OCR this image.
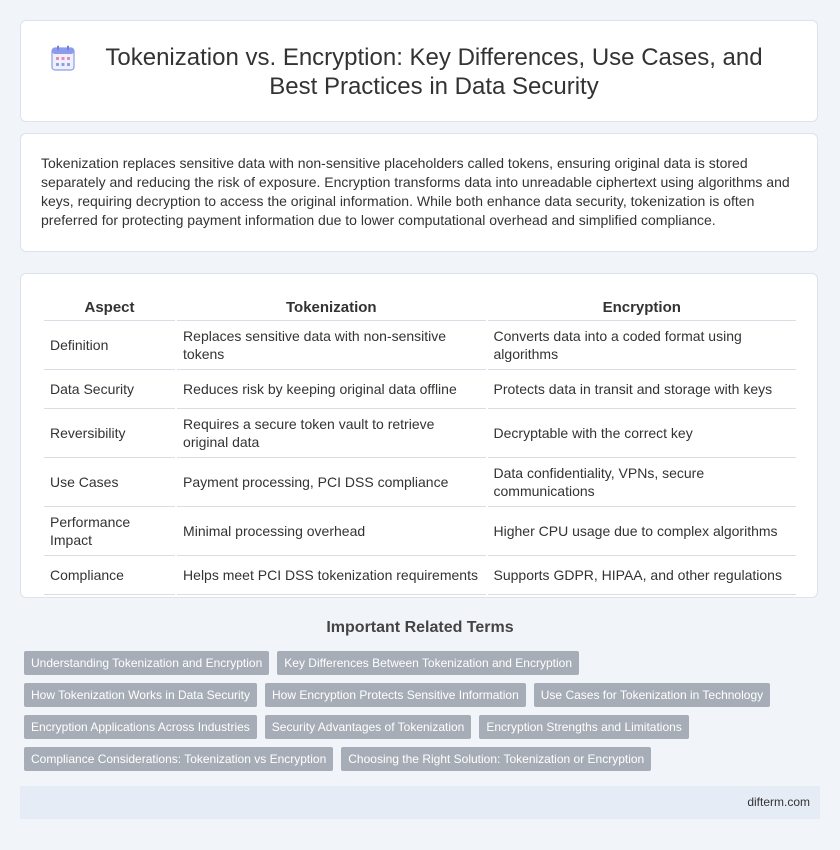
Tokenization vs. Encryption: Key Differences, Use Cases, and Best Practices in Data Security

Tokenization replaces sensitive data with non-sensitive placeholders called tokens, ensuring original data is stored separately and reducing the risk of exposure. Encryption transforms data into unreadable ciphertext using algorithms and keys, requiring decryption to access the original information. While both enhance data security, tokenization is often preferred for protecting payment information due to lower computational overhead and simplified compliance.

Aspect	Tokenization	Encryption
Definition	Replaces sensitive data with non-sensitive tokens	Converts data into a coded format using algorithms
Data Security	Reduces risk by keeping original data offline	Protects data in transit and storage with keys
Reversibility	Requires a secure token vault to retrieve original data	Decryptable with the correct key
Use Cases	Payment processing, PCI DSS compliance	Data confidentiality, VPNs, secure communications
Performance Impact	Minimal processing overhead	Higher CPU usage due to complex algorithms
Compliance	Helps meet PCI DSS tokenization requirements	Supports GDPR, HIPAA, and other regulations
Important Related Terms
Understanding Tokenization and Encryption	Key Differences Between Tokenization and Encryption
How Tokenization Works in Data Security	How Encryption Protects Sensitive Information	Use Cases for Tokenization in Technology
Encryption Applications Across Industries	Security Advantages of Tokenization	Encryption Strengths and Limitations
Compliance Considerations: Tokenization vs Encryption	Choosing the Right Solution: Tokenization or Encryption
difterm.com
